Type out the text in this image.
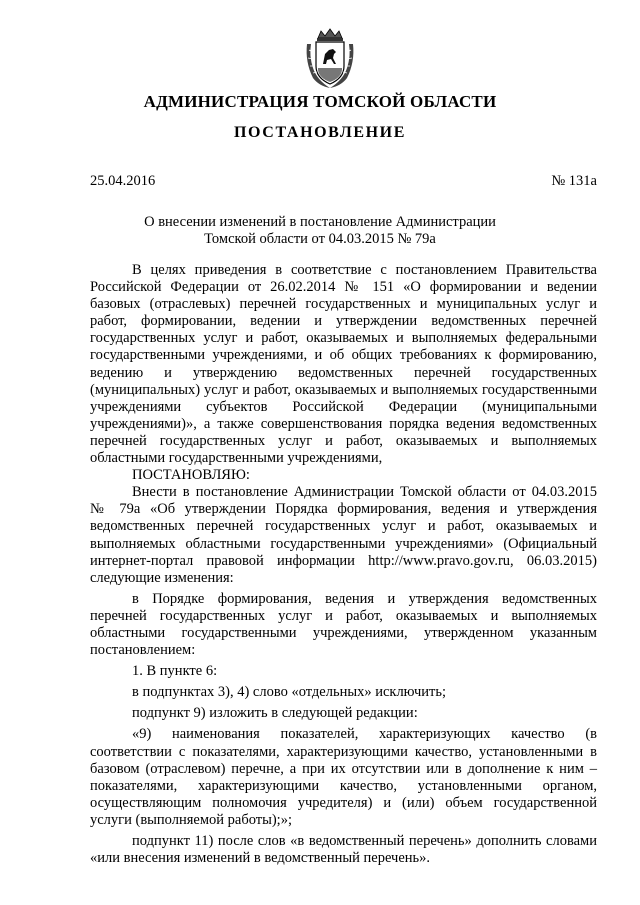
АДМИНИСТРАЦИЯ ТОМСКОЙ ОБЛАСТИ
ПОСТАНОВЛЕНИЕ
25.04.2016	№ 131а
О внесении изменений в постановление Администрации
Томской области от 04.03.2015 № 79а

В целях приведения в соответствие с постановлением Правительства Российской Федерации от 26.02.2014 № 151 «О формировании и ведении базовых (отраслевых) перечней государственных и муниципальных услуг и работ, формировании, ведении и утверждении ведомственных перечней государственных услуг и работ, оказываемых и выполняемых федеральными государственными учреждениями, и об общих требованиях к формированию, ведению и утверждению ведомственных перечней государственных (муниципальных) услуг и работ, оказываемых и выполняемых государственными учреждениями субъектов Российской Федерации (муниципальными учреждениями)», а также совершенствования порядка ведения ведомственных перечней государственных услуг и работ, оказываемых и выполняемых областными государственными учреждениями,

ПОСТАНОВЛЯЮ:

Внести в постановление Администрации Томской области от 04.03.2015 № 79а «Об утверждении Порядка формирования, ведения и утверждения ведомственных перечней государственных услуг и работ, оказываемых и выполняемых областными государственными учреждениями» (Официальный интернет-портал правовой информации http://www.pravo.gov.ru, 06.03.2015) следующие изменения:

в Порядке формирования, ведения и утверждения ведомственных перечней государственных услуг и работ, оказываемых и выполняемых областными государственными учреждениями, утвержденном указанным постановлением:

1. В пункте 6:

в подпунктах 3), 4) слово «отдельных» исключить;

подпункт 9) изложить в следующей редакции:

«9) наименования показателей, характеризующих качество (в соответствии с показателями, характеризующими качество, установленными в базовом (отраслевом) перечне, а при их отсутствии или в дополнение к ним – показателями, характеризующими качество, установленными органом, осуществляющим полномочия учредителя) и (или) объем государственной услуги (выполняемой работы);»;

подпункт 11) после слов «в ведомственный перечень» дополнить словами «или внесения изменений в ведомственный перечень».
